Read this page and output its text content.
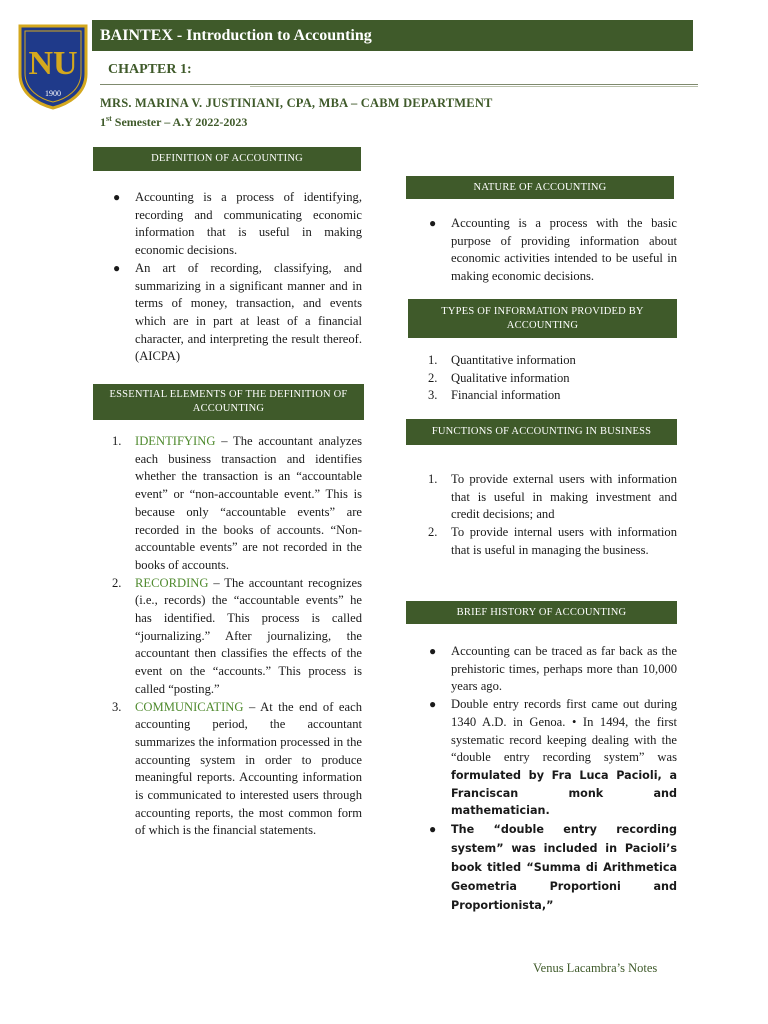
NU
1900
BAINTEX - Introduction to Accounting
CHAPTER 1:
MRS. MARINA V. JUSTINIANI, CPA, MBA – CABM DEPARTMENT
1st Semester – A.Y 2022-2023
DEFINITION OF ACCOUNTING
● Accounting is a process of identifying, recording and communicating economic information that is useful in making economic decisions.
● An art of recording, classifying, and summarizing in a significant manner and in terms of money, transaction, and events which are in part at least of a financial character, and interpreting the result thereof. (AICPA)
ESSENTIAL ELEMENTS OF THE DEFINITION OF ACCOUNTING
1. IDENTIFYING – The accountant analyzes each business transaction and identifies whether the transaction is an “accountable event” or “non-accountable event.” This is because only “accountable events” are recorded in the books of accounts. “Non-accountable events” are not recorded in the books of accounts.
2. RECORDING – The accountant recognizes (i.e., records) the “accountable events” he has identified. This process is called “journalizing.” After journalizing, the accountant then classifies the effects of the event on the “accounts.” This process is called “posting.”
3. COMMUNICATING – At the end of each accounting period, the accountant summarizes the information processed in the accounting system in order to produce meaningful reports. Accounting information is communicated to interested users through accounting reports, the most common form of which is the financial statements.
NATURE OF ACCOUNTING
● Accounting is a process with the basic purpose of providing information about economic activities intended to be useful in making economic decisions.
TYPES OF INFORMATION PROVIDED BY ACCOUNTING
1. Quantitative information
2. Qualitative information
3. Financial information
FUNCTIONS OF ACCOUNTING IN BUSINESS
1. To provide external users with information that is useful in making investment and credit decisions; and
2. To provide internal users with information that is useful in managing the business.
BRIEF HISTORY OF ACCOUNTING
● Accounting can be traced as far back as the prehistoric times, perhaps more than 10,000 years ago.
● Double entry records first came out during 1340 A.D. in Genoa. • In 1494, the first systematic record keeping dealing with the “double entry recording system” was formulated by Fra Luca Pacioli, a Franciscan monk and mathematician.
● The “double entry recording system” was included in Pacioli’s book titled “Summa di Arithmetica Geometria Proportioni and Proportionista,”
Venus Lacambra’s Notes
